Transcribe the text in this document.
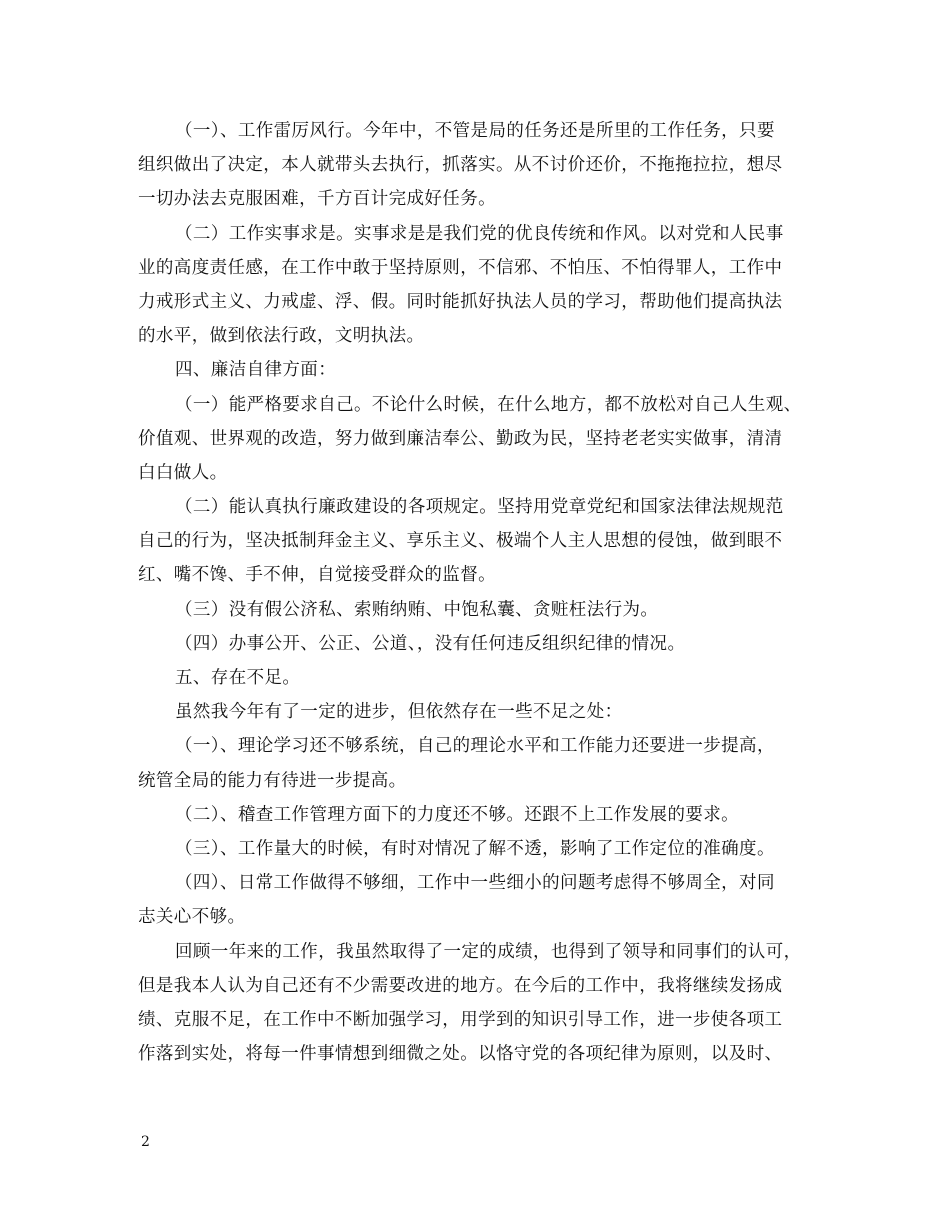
（一）、工作雷厉风行。今年中，不管是局的任务还是所里的工作任务，只要
组织做出了决定，本人就带头去执行，抓落实。从不讨价还价，不拖拖拉拉，想尽
一切办法去克服困难，千方百计完成好任务。
（二）工作实事求是。实事求是是我们党的优良传统和作风。以对党和人民事
业的高度责任感，在工作中敢于坚持原则，不信邪、不怕压、不怕得罪人，工作中
力戒形式主义、力戒虚、浮、假。同时能抓好执法人员的学习，帮助他们提高执法
的水平，做到依法行政，文明执法。
四、廉洁自律方面：
（一）能严格要求自己。不论什么时候，在什么地方，都不放松对自己人生观、
价值观、世界观的改造，努力做到廉洁奉公、勤政为民，坚持老老实实做事，清清
白白做人。
（二）能认真执行廉政建设的各项规定。坚持用党章党纪和国家法律法规规范
自己的行为，坚决抵制拜金主义、享乐主义、极端个人主人思想的侵蚀，做到眼不
红、嘴不馋、手不伸，自觉接受群众的监督。
（三）没有假公济私、索贿纳贿、中饱私囊、贪赃枉法行为。
（四）办事公开、公正、公道、，没有任何违反组织纪律的情况。
五、存在不足。
虽然我今年有了一定的进步，但依然存在一些不足之处：
（一）、理论学习还不够系统，自己的理论水平和工作能力还要进一步提高，
统管全局的能力有待进一步提高。
（二）、稽查工作管理方面下的力度还不够。还跟不上工作发展的要求。
（三）、工作量大的时候，有时对情况了解不透，影响了工作定位的准确度。
（四）、日常工作做得不够细，工作中一些细小的问题考虑得不够周全，对同
志关心不够。
回顾一年来的工作，我虽然取得了一定的成绩，也得到了领导和同事们的认可，
但是我本人认为自己还有不少需要改进的地方。在今后的工作中，我将继续发扬成
绩、克服不足，在工作中不断加强学习，用学到的知识引导工作，进一步使各项工
作落到实处，将每一件事情想到细微之处。以恪守党的各项纪律为原则，以及时、
2
